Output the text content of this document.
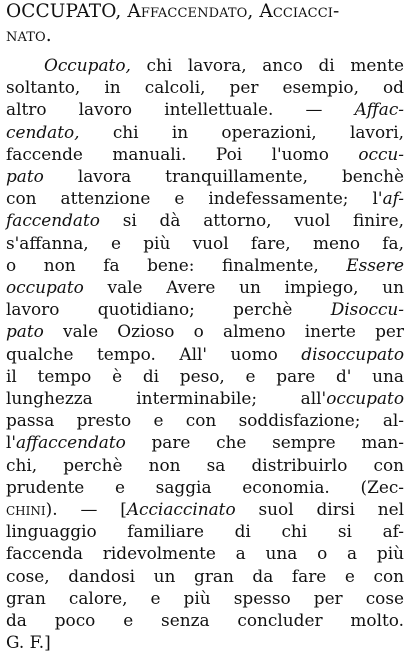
OCCUPATO, Affaccendato, Acciacci-
nato.
Occupato, chi lavora, anco di mente
soltanto, in calcoli, per esempio, od
altro lavoro intellettuale. — Affac-
cendato, chi in operazioni, lavori,
faccende manuali. Poi l'uomo occu-
pato lavora tranquillamente, benchè
con attenzione e indefessamente; l'af-
faccendato si dà attorno, vuol finire,
s'affanna, e più vuol fare, meno fa,
o non fa bene: finalmente, Essere
occupato vale Avere un impiego, un
lavoro quotidiano; perchè Disoccu-
pato vale Ozioso o almeno inerte per
qualche tempo. All' uomo disoccupato
il tempo è di peso, e pare d' una
lunghezza interminabile; all'occupato
passa presto e con soddisfazione; al-
l'affaccendato pare che sempre man-
chi, perchè non sa distribuirlo con
prudente e saggia economia. (Zec-
chini). — [Acciaccinato suol dirsi nel
linguaggio familiare di chi si af-
faccenda ridevolmente a una o a più
cose, dandosi un gran da fare e con
gran calore, e più spesso per cose
da poco e senza concluder molto.
G. F.]
